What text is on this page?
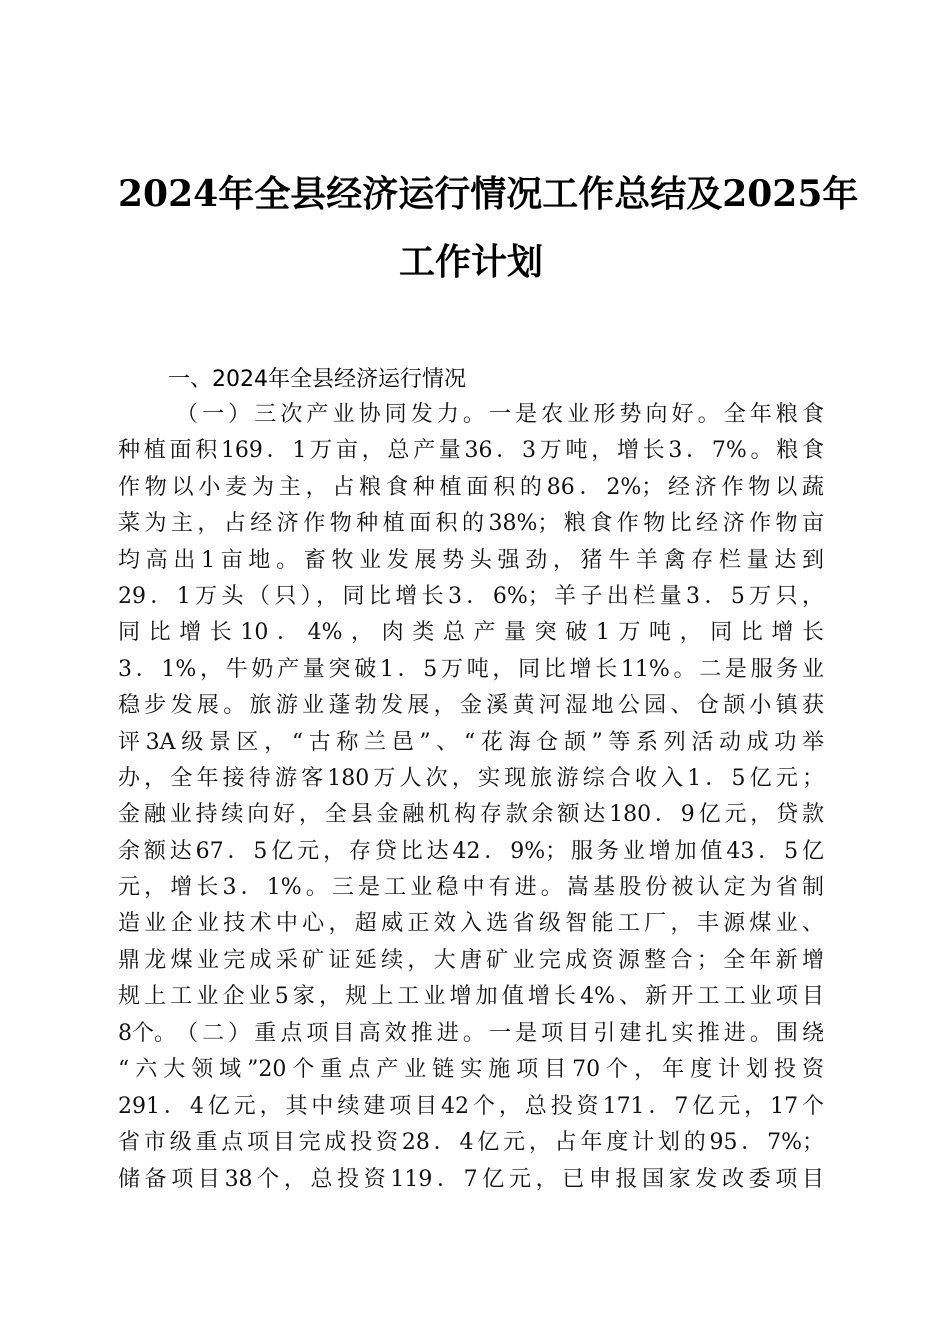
2024年全县经济运行情况工作总结及2025年
工作计划
一、2024年全县经济运行情况
（一）三次产业协同发力。一是农业形势向好。全年粮食
种植面积169．1万亩，总产量36．3万吨，增长3．7%。粮食
作物以小麦为主，占粮食种植面积的86．2%；经济作物以蔬
菜为主，占经济作物种植面积的38%；粮食作物比经济作物亩
均高出1亩地。畜牧业发展势头强劲，猪牛羊禽存栏量达到
29．1万头（只），同比增长3．6%；羊子出栏量3．5万只，
同比增长10．4%，肉类总产量突破1万吨，同比增长
3．1%，牛奶产量突破1．5万吨，同比增长11%。二是服务业
稳步发展。旅游业蓬勃发展，金溪黄河湿地公园、仓颉小镇获
评3A级景区，“古称兰邑”、“花海仓颉”等系列活动成功举
办，全年接待游客180万人次，实现旅游综合收入1．5亿元；
金融业持续向好，全县金融机构存款余额达180．9亿元，贷款
余额达67．5亿元，存贷比达42．9%；服务业增加值43．5亿
元，增长3．1%。三是工业稳中有进。嵩基股份被认定为省制
造业企业技术中心，超威正效入选省级智能工厂，丰源煤业、
鼎龙煤业完成采矿证延续，大唐矿业完成资源整合；全年新增
规上工业企业5家，规上工业增加值增长4%、新开工工业项目
8个。 （二）重点项目高效推进。一是项目引建扎实推进。围绕
“六大领域”20个重点产业链实施项目70个，年度计划投资
291．4亿元，其中续建项目42个，总投资171．7亿元，17个
省市级重点项目完成投资28．4亿元，占年度计划的95．7%；
储备项目38个，总投资119．7亿元，已申报国家发改委项目
